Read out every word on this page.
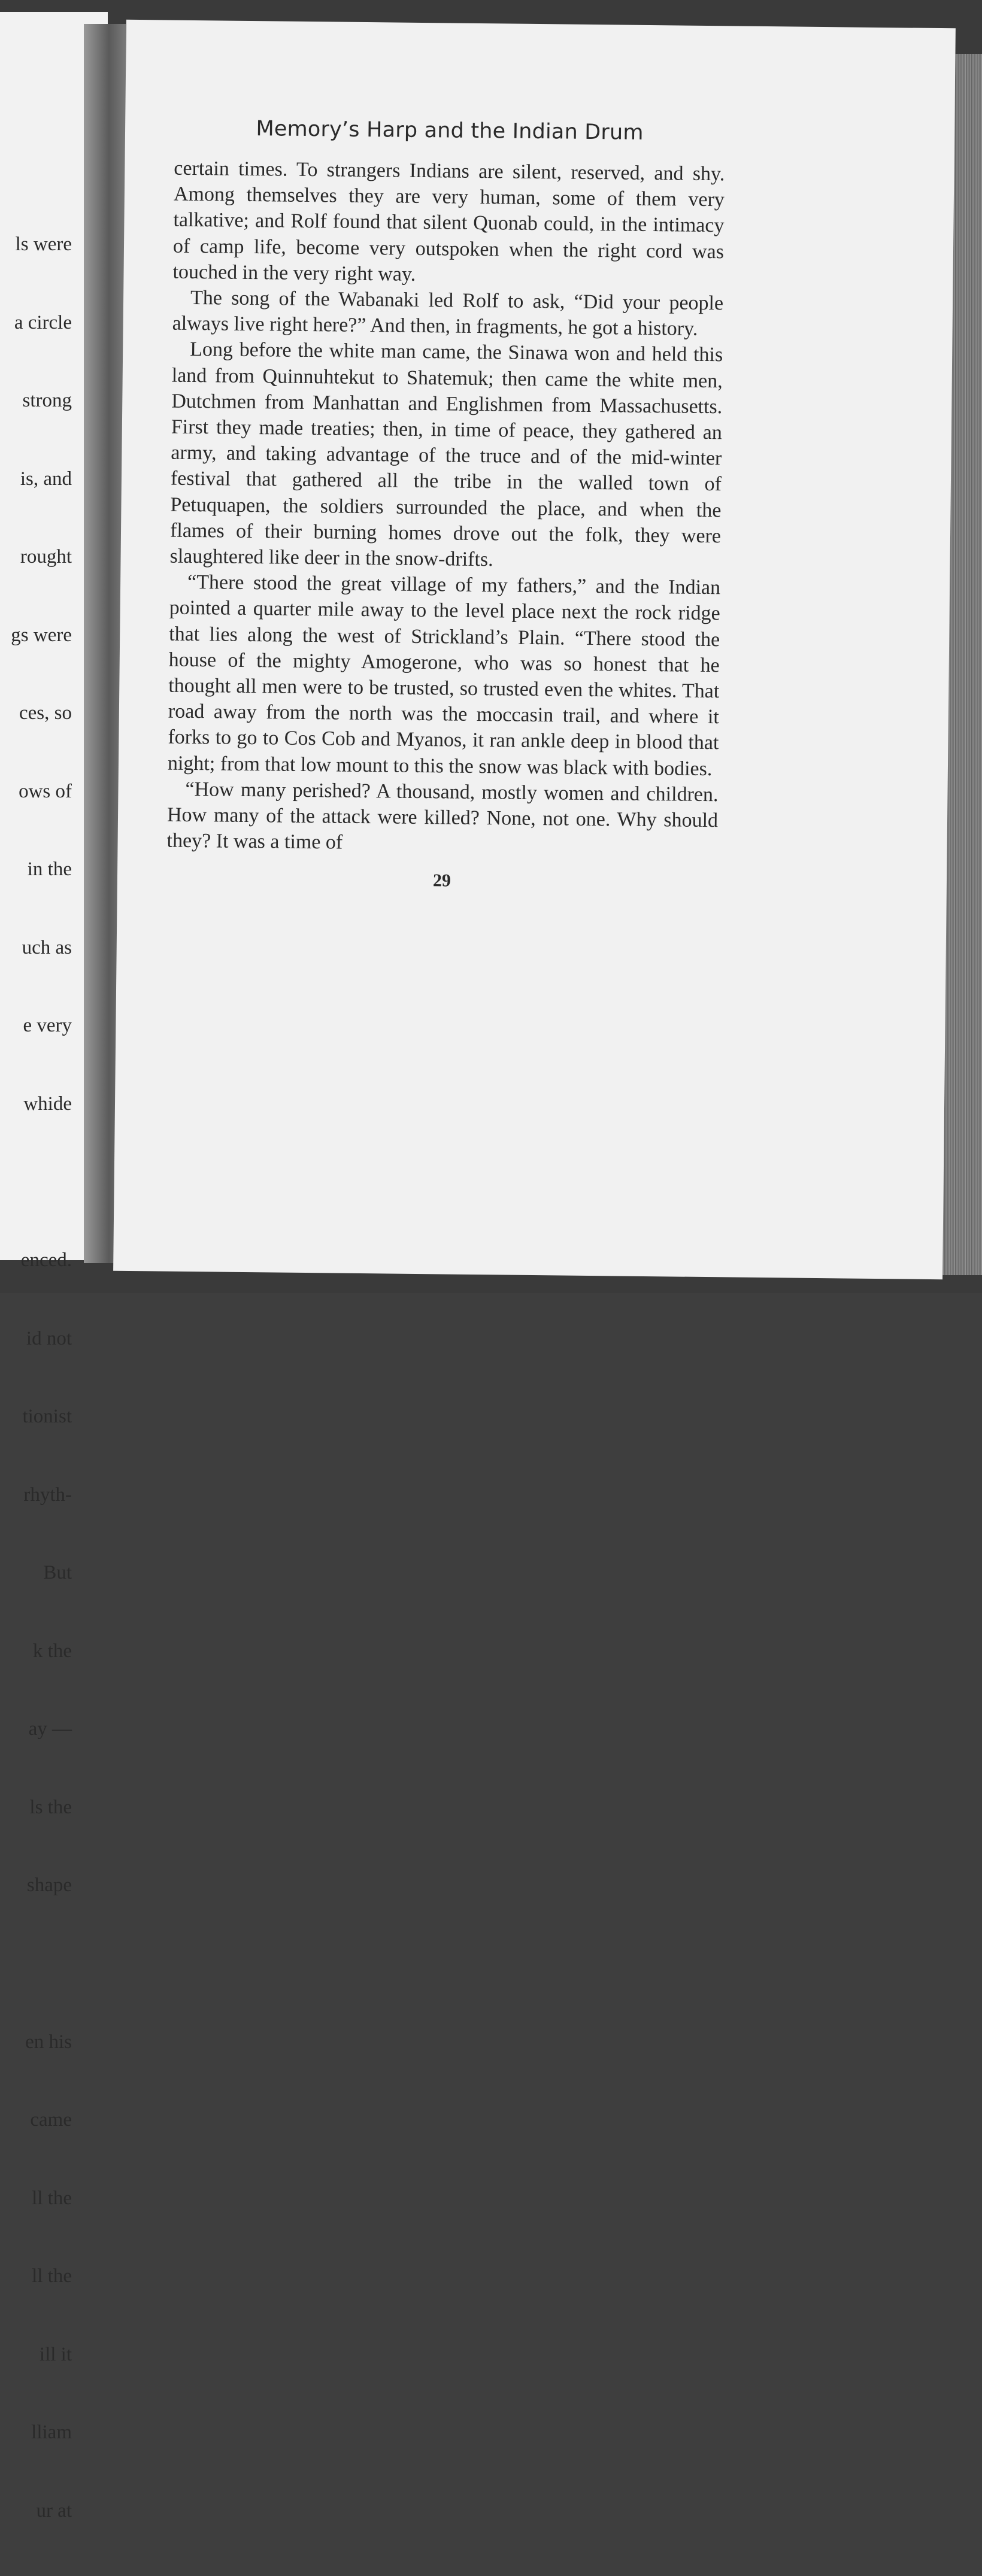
ls were

a circle

strong

is, and

rought

gs were

ces, so

ows of

in the

uch as

e very

whide

enced.

id not

tionist

rhyth-

But

k the

ay —

ls the

shape

en his

came

ll the

ll the

ill it

lliam

ur at

Memory’s Harp and the Indian Drum

certain times. To strangers Indians are silent, reserved, and shy. Among themselves they are very human, some of them very talkative; and Rolf found that silent Quonab could, in the intimacy of camp life, become very outspoken when the right cord was touched in the very right way.

The song of the Wabanaki led Rolf to ask, “Did your people always live right here?” And then, in fragments, he got a history.

Long before the white man came, the Sinawa won and held this land from Quinnuhtekut to Shatemuk; then came the white men, Dutchmen from Manhattan and Englishmen from Massachusetts. First they made treaties; then, in time of peace, they gathered an army, and taking advantage of the truce and of the mid-winter festival that gathered all the tribe in the walled town of Petuquapen, the soldiers surrounded the place, and when the flames of their burning homes drove out the folk, they were slaughtered like deer in the snow-drifts.

“There stood the great village of my fathers,” and the Indian pointed a quarter mile away to the level place next the rock ridge that lies along the west of Strickland’s Plain. “There stood the house of the mighty Amogerone, who was so honest that he thought all men were to be trusted, so trusted even the whites. That road away from the north was the moccasin trail, and where it forks to go to Cos Cob and Myanos, it ran ankle deep in blood that night; from that low mount to this the snow was black with bodies.

“How many perished? A thousand, mostly women and children. How many of the attack were killed? None, not one. Why should they? It was a time of

29
